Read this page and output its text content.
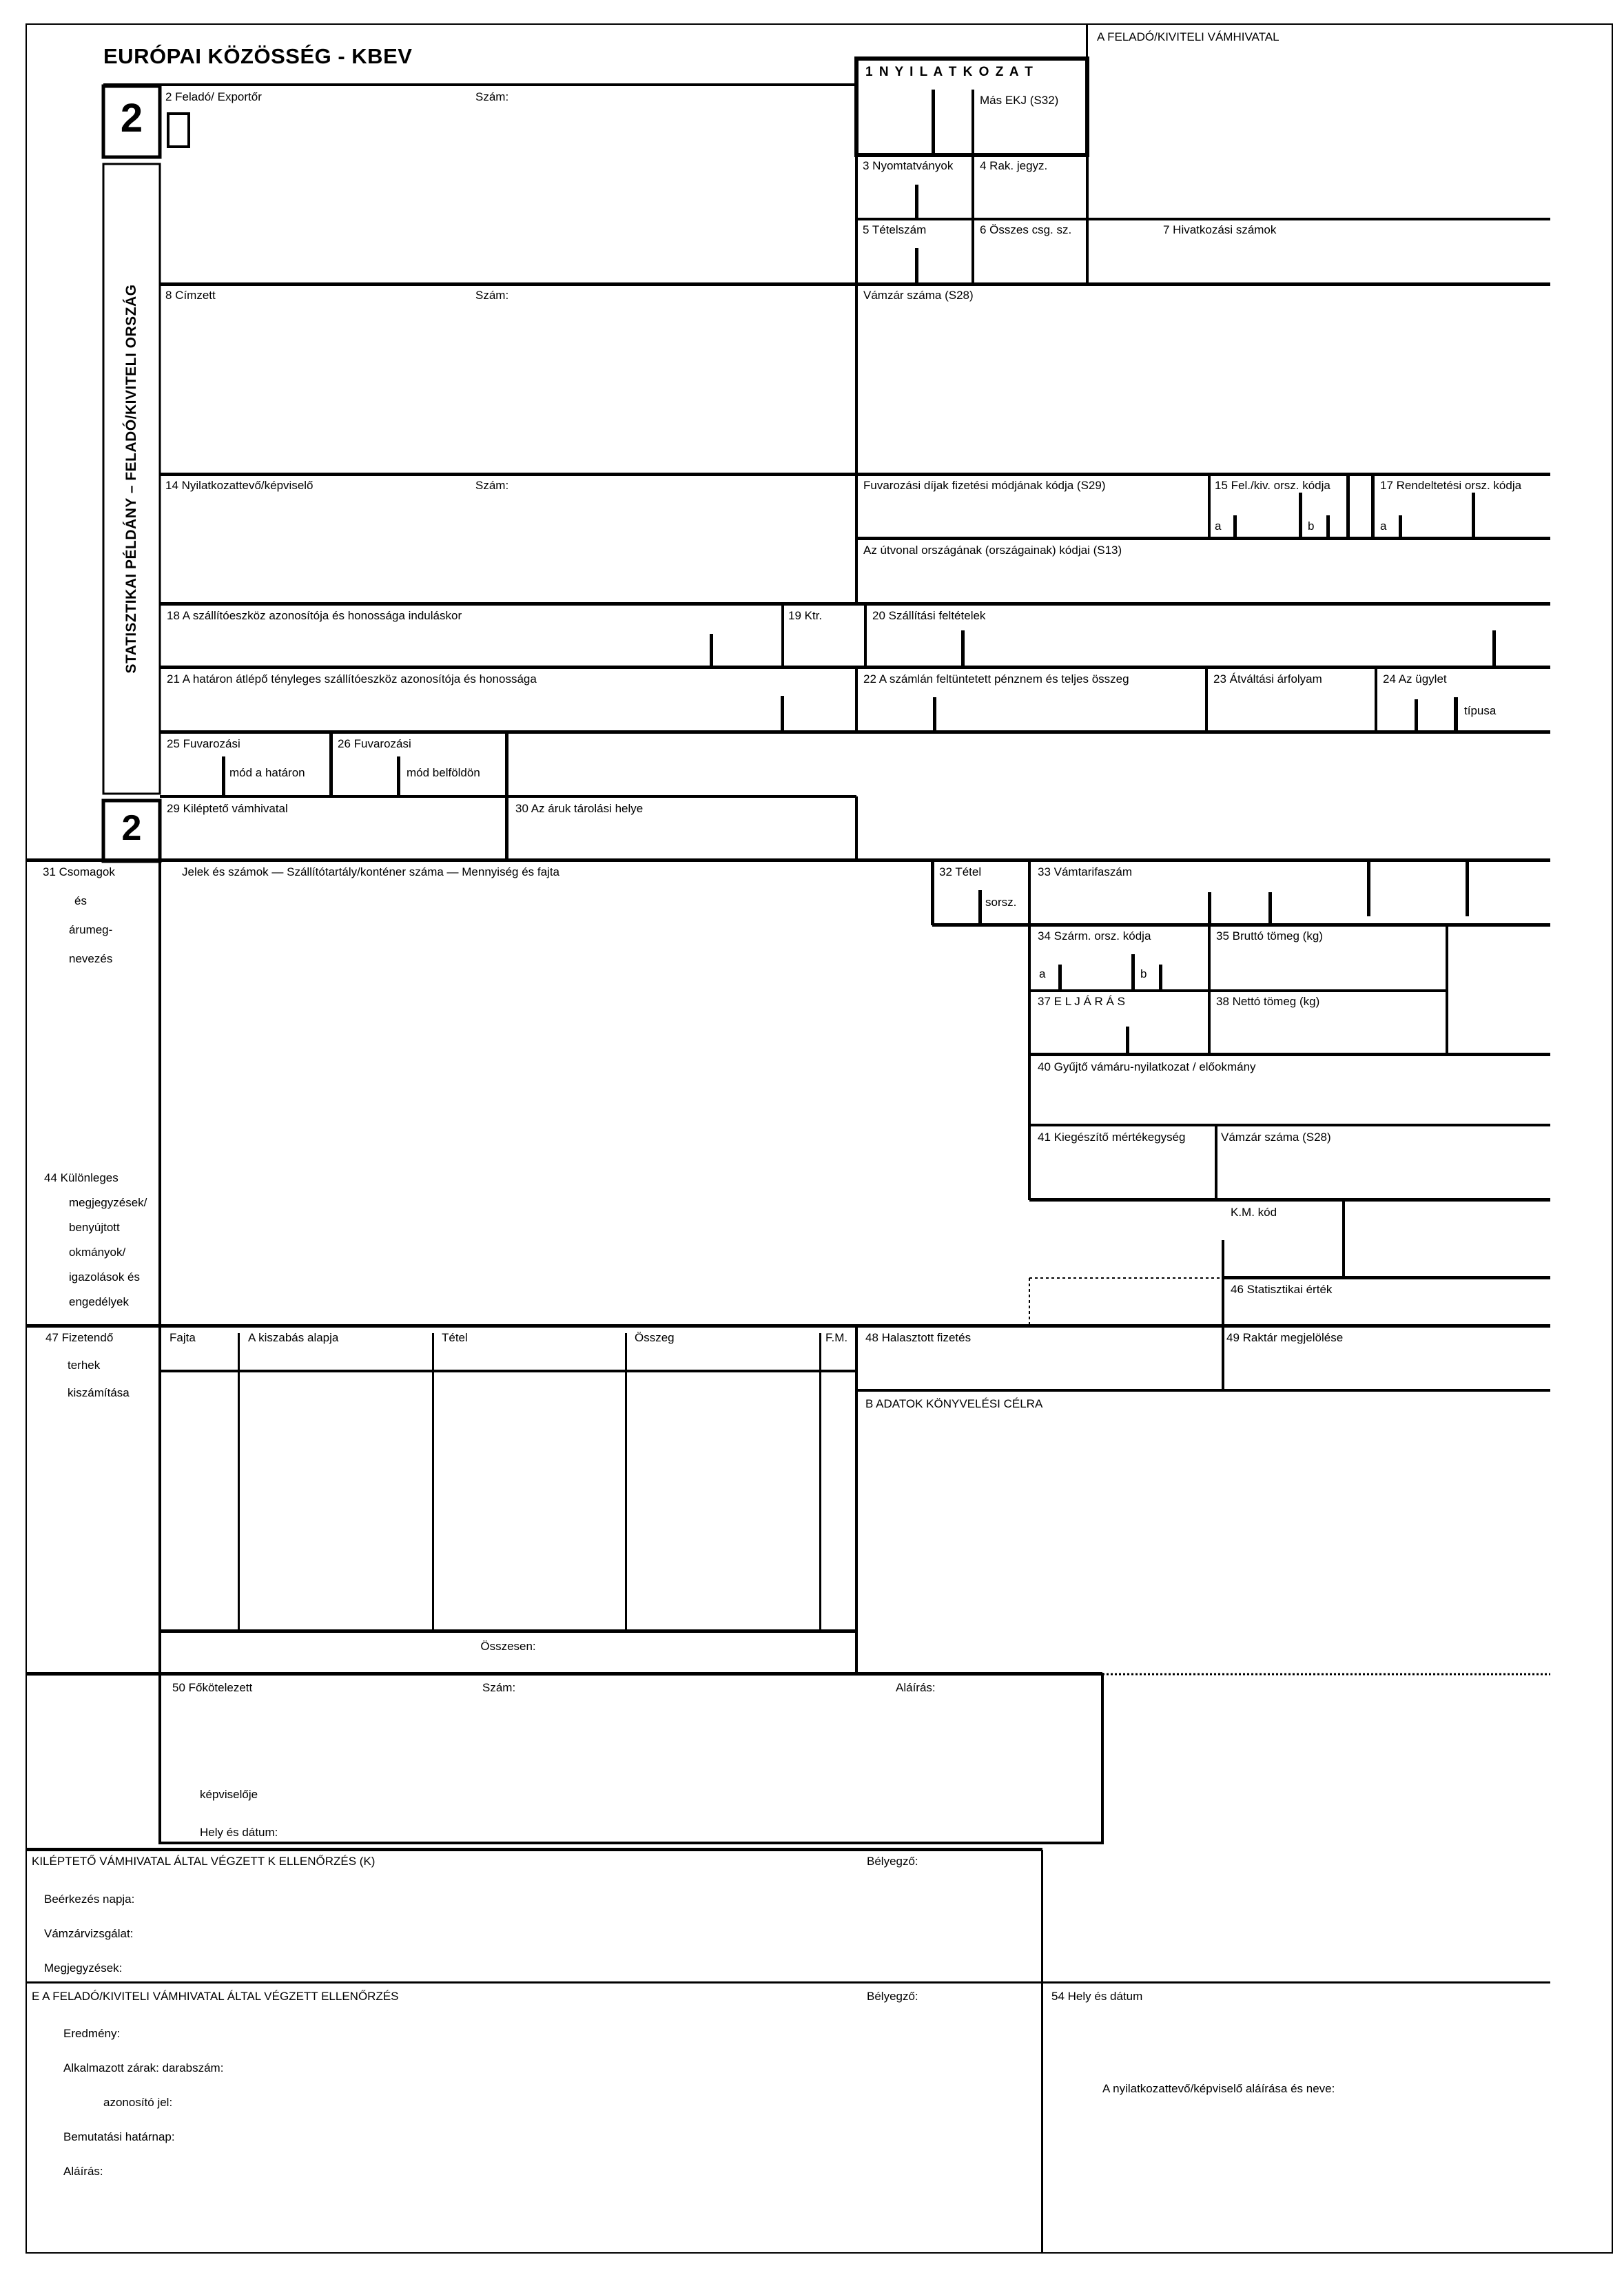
EURÓPAI KÖZÖSSÉG - KBEV
A FELADÓ/KIVITELI VÁMHIVATAL
2
STATISZTIKAI PÉLDÁNY – FELADÓ/KIVITELI ORSZÁG
2
1 N Y I L A T K O Z A T
Más EKJ (S32)
3 Nyomtatványok 4 Rak. jegyz.
5 Tételszám	6 Összes csg. sz.	7 Hivatkozási számok
2 Feladó/ Exportőr	Szám:
8 Címzett	Szám:	Vámzár száma (S28)
14 Nyilatkozattevő/képviselő	Szám:	Fuvarozási díjak fizetési módjának kódja (S29)	15 Fel./kiv. orsz. kódja
a	b
17 Rendeltetési orsz. kódja
a
Az útvonal országának (országainak) kódjai (S13)
18 A szállítóeszköz azonosítója és honossága induláskor	19 Ktr.	20 Szállítási feltételek
21 A határon átlépő tényleges szállítóeszköz azonosítója és honossága	22 A számlán feltüntetett pénznem és teljes összeg	23 Átváltási árfolyam	24 Az ügylet
típusa
25 Fuvarozási
mód a határon
26 Fuvarozási
mód belföldön
29 Kiléptető vámhivatal	30 Az áruk tárolási helye
31 Csomagok
és
árumeg-
nevezés
Jelek és számok — Szállítótartály/konténer száma — Mennyiség és fajta	32 Tétel
sorsz.
33 Vámtarifaszám
34 Szárm. orsz. kódja
a	b
35 Bruttó tömeg (kg)
37 E L J Á R Á S	38 Nettó tömeg (kg)
40 Gyűjtő vámáru-nyilatkozat / előokmány
41 Kiegészítő mértékegység	Vámzár száma (S28)
K.M. kód
46 Statisztikai érték
44 Különleges
megjegyzések/
benyújtott
okmányok/
igazolások és
engedélyek
47 Fizetendő
terhek
kiszámítása
Fajta	A kiszabás alapja	Tétel	Összeg	F.M.
Összesen:
48 Halasztott fizetés	49 Raktár megjelölése
B ADATOK KÖNYVELÉSI CÉLRA
50 Főkötelezett	Szám:	Aláírás:
képviselője
Hely és dátum:
KILÉPTETŐ VÁMHIVATAL ÁLTAL VÉGZETT K ELLENŐRZÉS (K)	Bélyegző:
Beérkezés napja:
Vámzárvizsgálat:
Megjegyzések:
E A FELADÓ/KIVITELI VÁMHIVATAL ÁLTAL VÉGZETT ELLENŐRZÉS	Bélyegző:	54 Hely és dátum
Eredmény:
Alkalmazott zárak: darabszám:
azonosító jel:
Bemutatási határnap:
Aláírás:
A nyilatkozattevő/képviselő aláírása és neve:
